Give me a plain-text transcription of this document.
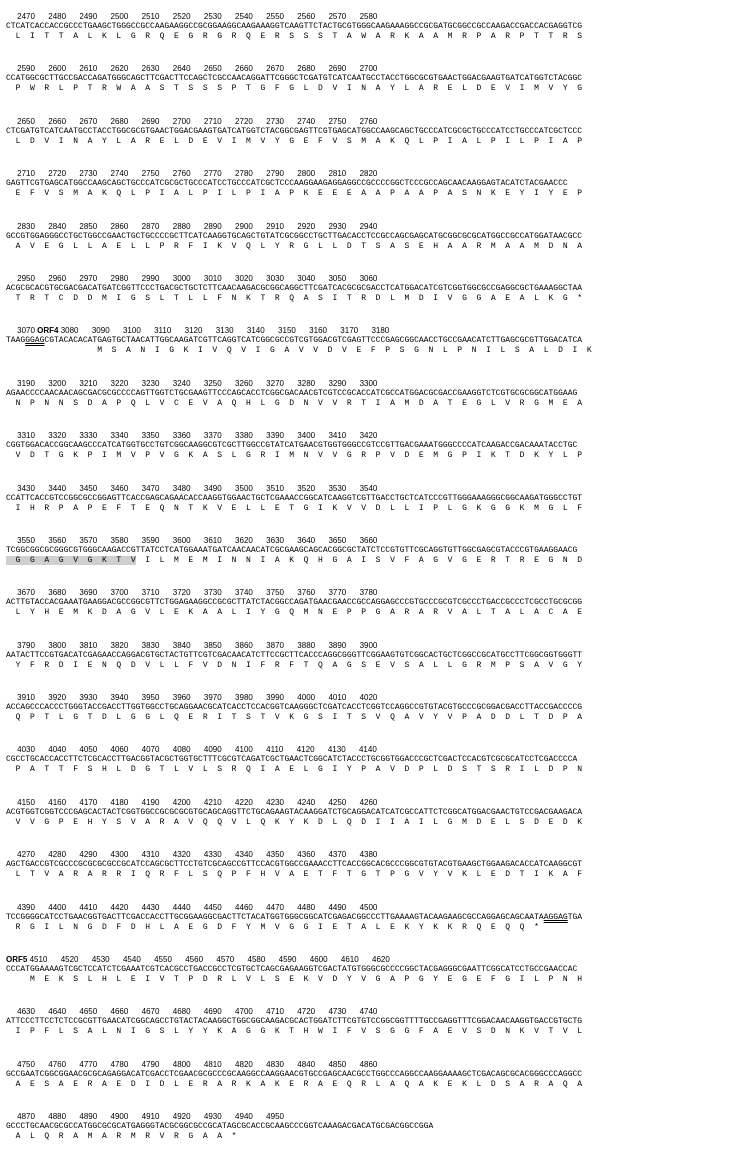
2470      2480      2490      2500      2510      2520      2530      2540      2550      2560      2570      2580
CTCATCACCACCGCCCTGAAGCTGGGCCGCCAAGAAGGCCGCGGAAGGCAAGAAAGGTCAAGTTCTACTGCGTGGGCAAGAAAGGCCGCGATGCGGCCGCCAAGACCGACCACGAGGTCG
L  I  T  T  A  L  K  L  G  R  Q  E  G  R  G  R  Q  E  R  S  S  S  T  A  W  A  R  K  A  A  M  R  P  A  R  P  T  T  R  S
2590      2600      2610      2620      2630      2640      2650      2660      2670      2680      2690      2700
CCATGGCGCTTGCCGACCAGATGGGCAGCTTCGACTTCCAGCTCGCCAACAGGATTCGGGCTCGATGTCATCAATGCCTACCTGGCGCGTGAACTGGACGAAGTGATCATGGTCTACGGC
P  W  R  L  P  T  R  W  A  A  S  T  S  S  S  P  T  G  F  G  L  D  V  I  N  A  Y  L  A  R  E  L  D  E  V  I  M  V  Y  G
2650      2660      2670      2680      2690      2700      2710      2720      2730      2740      2750      2760
CTCGATGTCATCAATGCCTACCTGGCGCGTGAACTGGACGAAGTGATCATGGTCTACGGCGAGTTCGTGAGCATGGCCAAGCAGCTGCCCATCGCGCTGCCCATCCTGCCCATCGCTCCC
L  D  V  I  N  A  Y  L  A  R  E  L  D  E  V  I  M  V  Y  G  E  F  V  S  M  A  K  Q  L  P  I  A  L  P  I  L  P  I  A  P
2710      2720      2730      2740      2750      2760      2770      2780      2790      2800      2810      2820
GAGTTCGTGAGCATGGCCAAGCAGCTGCCCATCGCGCTGCCCATCCTGCCCATCGCTCCCAAGGAAGAGGAGGCCGCCCCGGCTCCCGCCAGCAACAAGGAGTACATCTACGAACCC
E  F  V  S  M  A  K  Q  L  P  I  A  L  P  I  L  P  I  A  P  K  E  E  E  A  A  P  A  A  P  A  S  N  K  E  Y  I  Y  E  P
2830      2840      2850      2860      2870      2880      2890      2900      2910      2920      2930      2940
GCCGTGGAGGGCCTGCTGGCCGAACTGCTGCCCCGCTTCATCAAGGTGCAGCTGTATCGCGGCCTGCTTGACACCTCCGCCAGCGAGCATGCGGCGCGCATGGCCGCCATGGATAACGCC
A  V  E  G  L  L  A  E  L  L  P  R  F  I  K  V  Q  L  Y  R  G  L  L  D  T  S  A  S  E  H  A  A  R  M  A  A  M  D  N  A
2950      2960      2970      2980      2990      3000      3010      3020      3030      3040      3050      3060
ACGCGCACGTGCGACGACATGATCGGTTCCCTGACGCTGCTCTTCAACAAGACGCGGCAGGCTTCGATCACGCGCGACCTCATGGACATCGTCGGTGGCGCCGAGGCGCTGAAAGGCTAA
T  R  T  C  D  D  M  I  G  S  L  T  L  L  F  N  K  T  R  Q  A  S  I  T  R  D  L  M  D  I  V  G  G  A  E  A  L  K  G  *
3070 ORF4 3080      3090      3100      3110      3120      3130      3140      3150      3160      3170      3180
TAAGGGAGCGTACACACATGAGTGCTAACATTGGCAAGATCGTTCAGGTCATCGGCGCCGTCGTGGACGTCGAGTTCCCGAGCGGCAACCTGCCGAACATCTTGAGCGCGTTGGACATCA
M  S  A  N  I  G  K  I  V  Q  V  I  G  A  V  V  D  V  E  F  P  S  G  N  L  P  N  I  L  S  A  L  D  I  K
3190      3200      3210      3220      3230      3240      3250      3260      3270      3280      3290      3300
AGAACCCCAACAACAGCGACGCGCCCCAGTTGGTCTGCGAAGTTCCCAGCACCTCGGCGACAACGTCGTCCGCACCATCGCCATGGACGCGACCGAAGGTCTCGTGCGCGGCATGGAAG
N  P  N  N  S  D  A  P  Q  L  V  C  E  V  A  Q  H  L  G  D  N  V  V  R  T  I  A  M  D  A  T  E  G  L  V  R  G  M  E  A
3310      3320      3330      3340      3350      3360      3370      3380      3390      3400      3410      3420
CGGTGGACACCGGCAAGCCCATCATGGTGCCTGTCGGCAAGGCGTCGCTTGGCCGTATCATGAACGTGGTGGGCCGTCCGTTGACGAAATGGGCCCCATCAAGACCGACAAATACCTGC
V  D  T  G  K  P  I  M  V  P  V  G  K  A  S  L  G  R  I  M  N  V  V  G  R  P  V  D  E  M  G  P  I  K  T  D  K  Y  L  P
3430      3440      3450      3460      3470      3480      3490      3500      3510      3520      3530      3540
CCATTCACCGTCCGGCGCCGGAGTTCACCGAGCAGAACACCAAGGTGGAACTGCTCGAAACCGGCATCAAGGTCGTTGACCTGCTCATCCCGTTGGGAAAGGGCGGCAAGATGGGCCTGT
I  H  R  P  A  P  E  F  T  E  Q  N  T  K  V  E  L  L  E  T  G  I  K  V  V  D  L  L  I  P  L  G  K  G  G  K  M  G  L  F
3550      3560      3570      3580      3590      3600      3610      3620      3630      3640      3650      3660
TCGGCGGCGCGGGCGTGGGCAAGACCGTTATCCTCATGGAAATGATCAACAACATCGCGAAGCAGCACGGCGCTATCTCCGTGTTCGCAGGTGTTGGCGAGCGTACCCGTGAAGGAACG
G  G  A  G  V  G  K  T  V  I  L  M  E  M  I  N  N  I  A  K  Q  H  G  A  I  S  V  F  A  G  V  G  E  R  T  R  E  G  N  D
3670      3680      3690      3700      3710      3720      3730      3740      3750      3760      3770      3780
ACTTGTACCACGAAATGAAGGACGCCGGCGTTCTGGAGAAGGCCGCGCTTATCTACGGCCAGATGAACGAACCGCCAGGAGCCCGTGCCCGCGTCGCCCTGACCGCCCTCGCCTGCGCGG
L  Y  H  E  M  K  D  A  G  V  L  E  K  A  A  L  I  Y  G  Q  M  N  E  P  P  G  A  R  A  R  V  A  L  T  A  L  A  C  A  E
3790      3800      3810      3820      3830      3840      3850      3860      3870      3880      3890      3900
AATACTTCCGTGACATCGAGAACCAGGACGTGCTACTGTTCGTCGACAACATCTTCCGCTTCACCCAGGCGGGTTCGGAAGTGTCGGCACTGCTCGGCCGCATGCCTTCGGCGGTGGGTT
Y  F  R  D  I  E  N  Q  D  V  L  L  F  V  D  N  I  F  R  F  T  Q  A  G  S  E  V  S  A  L  L  G  R  M  P  S  A  V  G  Y
3910      3920      3930      3940      3950      3960      3970      3980      3990      4000      4010      4020
ACCAGCCCACCCTGGGTACCGACCTTGGTGGCCTGCAGGAACGCATCACCTCCACGGTCAAGGGCTCGATCACCTCGGTCCAGGCCGTGTACGTGCCCGCGGACGACCTTACCGACCCCG
Q  P  T  L  G  T  D  L  G  G  L  Q  E  R  I  T  S  T  V  K  G  S  I  T  S  V  Q  A  V  Y  V  P  A  D  D  L  T  D  P  A
4030      4040      4050      4060      4070      4080      4090      4100      4110      4120      4130      4140
CGCCTGCACCACCTTCTCGCACCTTGACGGTACGCTGGTGCTTTCGCGTCAGATCGCTGAACTCGGCATCTACCCTGCGGTGGACCCGCTCGACTCCACGTCGCGCATCCTCGACCCCA
P  A  T  T  F  S  H  L  D  G  T  L  V  L  S  R  Q  I  A  E  L  G  I  Y  P  A  V  D  P  L  D  S  T  S  R  I  L  D  P  N
4150      4160      4170      4180      4190      4200      4210      4220      4230      4240      4250      4260
ACGTGGTCGGTCCCGAGCACTACTCGGTGGCCGCGCGCGTGCAGCAGGTTCTGCAGAAGTACAAGGATCTGCAGGACATCATCGCCATTCTCGGCATGGACGAACTGTCCGACGAAGACA
V  V  G  P  E  H  Y  S  V  A  R  A  V  Q  Q  V  L  Q  K  Y  K  D  L  Q  D  I  I  A  I  L  G  M  D  E  L  S  D  E  D  K
4270      4280      4290      4300      4310      4320      4330      4340      4350      4360      4370      4380
AGCTGACCGTCGCCCGCGCGCGCCGCATCCAGCGCTTCCTGTCGCAGCCGTTCCACGTGGCCGAAACCTTCACCGGCACGCCCGGCGTGTACGTGAAGCTGGAAGACACCATCAAGGCGT
L  T  V  A  R  A  R  R  I  Q  R  F  L  S  Q  P  F  H  V  A  E  T  F  T  G  T  P  G  V  Y  V  K  L  E  D  T  I  K  A  F
4390      4400      4410      4420      4430      4440      4450      4460      4470      4480      4490      4500
TCCGGGGCATCCTGAACGGTGACTTCGACCACCTTGCGGAAGGCGACTTCTACATGGTGGGCGGCATCGAGACGGCCCTTGAAAAGTACAAGAAGCGCCAGGAGCAGCAATAAGGAGTGA
R  G  I  L  N  G  D  F  D  H  L  A  E  G  D  F  Y  M  V  G  G  I  E  T  A  L  E  K  Y  K  K  R  Q  E  Q  Q  *
ORF5 4510      4520      4530      4540      4550      4560      4570      4580      4590      4600      4610      4620
CCCATGGAAAAGTCGCTCCATCTCGAAATCGTCACGCCTGACCGCCTCGTGCTCAGCGAGAAGGTCGACTATGTGGGCGCCCCGGCTACGAGGGCGAATTCGGCATCCTGCCGAACCAC
M  E  K  S  L  H  L  E  I  V  T  P  D  R  L  V  L  S  E  K  V  D  Y  V  G  A  P  G  Y  E  G  E  F  G  I  L  P  N  H
4630      4640      4650      4660      4670      4680      4690      4700      4710      4720      4730      4740
ATTCCCTTCCTCTCCGCGTTGAACATCGGCAGCCTGTACTACAAGGCTGGCGGCAAGACGCACTGGATCTTCGTGTCCGGCGGTTTTGCCGAGGTTTCGGACAACAAGGTGACCGTGCTG
I  P  F  L  S  A  L  N  I  G  S  L  Y  Y  K  A  G  G  K  T  H  W  I  F  V  S  G  G  F  A  E  V  S  D  N  K  V  T  V  L
4750      4760      4770      4780      4790      4800      4810      4820      4830      4840      4850      4860
GCCGAATCGGCGGAACGCGCAGAGGACATCGACCTCGAACGCGCCCGCAAGGCCAAGGAACGTGCCGAGCAACGCCTGGCCCAGGCCAAGGAAAAGCTCGACAGCGCACGGGCCCAGGCC
A  E  S  A  E  R  A  E  D  I  D  L  E  R  A  R  K  A  K  E  R  A  E  Q  R  L  A  Q  A  K  E  K  L  D  S  A  R  A  Q  A
4870      4880      4890      4900      4910      4920      4930      4940      4950
GCCCTGCAACGCGCCATGGCGCGCATGAGGGTACGCGGCGCCGCATAGCGCACCGCAAGCCCGGTCAAAGACGACATGCGACGGCCGGA
A  L  Q  R  A  M  A  R  M  R  V  R  G  A  A  *
